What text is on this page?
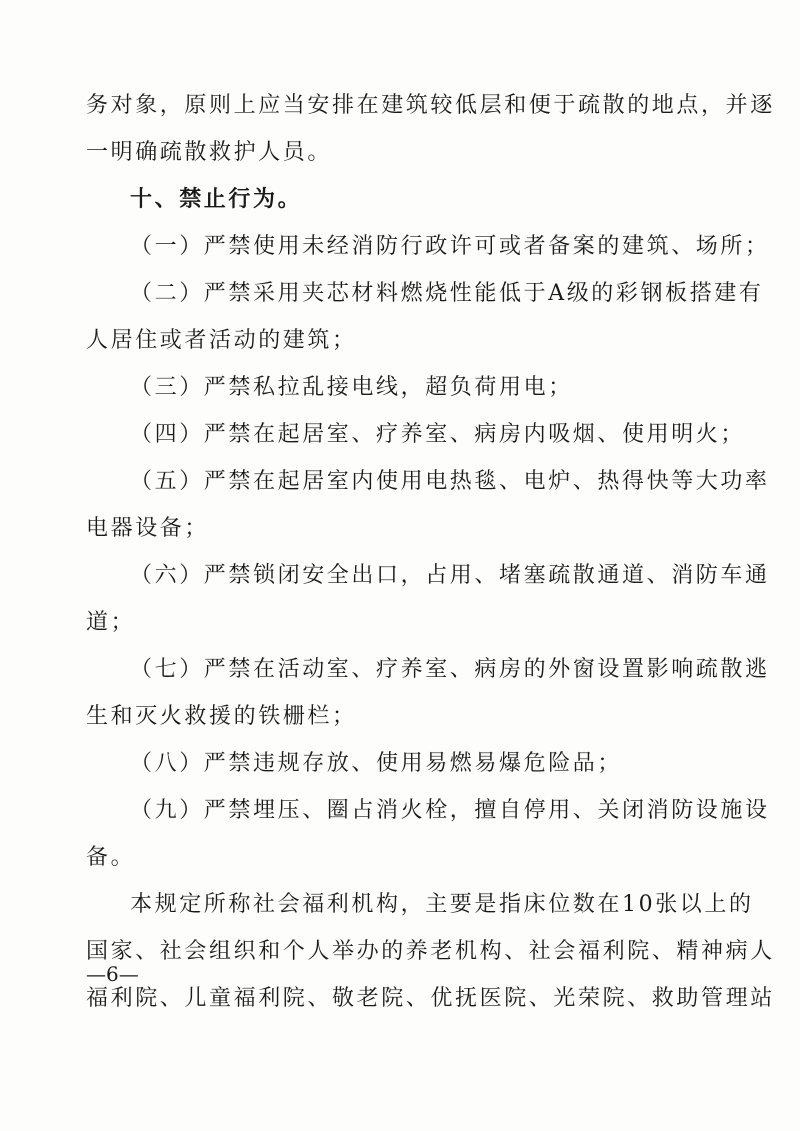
务对象，原则上应当安排在建筑较低层和便于疏散的地点，并逐
一明确疏散救护人员。
十、禁止行为。
（一）严禁使用未经消防行政许可或者备案的建筑、场所；
（二）严禁采用夹芯材料燃烧性能低于A级的彩钢板搭建有
人居住或者活动的建筑；
（三）严禁私拉乱接电线，超负荷用电；
（四）严禁在起居室、疗养室、病房内吸烟、使用明火；
（五）严禁在起居室内使用电热毯、电炉、热得快等大功率
电器设备；
（六）严禁锁闭安全出口，占用、堵塞疏散通道、消防车通
道；
（七）严禁在活动室、疗养室、病房的外窗设置影响疏散逃
生和灭火救援的铁栅栏；
（八）严禁违规存放、使用易燃易爆危险品；
（九）严禁埋压、圈占消火栓，擅自停用、关闭消防设施设
备。
本规定所称社会福利机构，主要是指床位数在10张以上的
国家、社会组织和个人举办的养老机构、社会福利院、精神病人
福利院、儿童福利院、敬老院、优抚医院、光荣院、救助管理站
—6—
